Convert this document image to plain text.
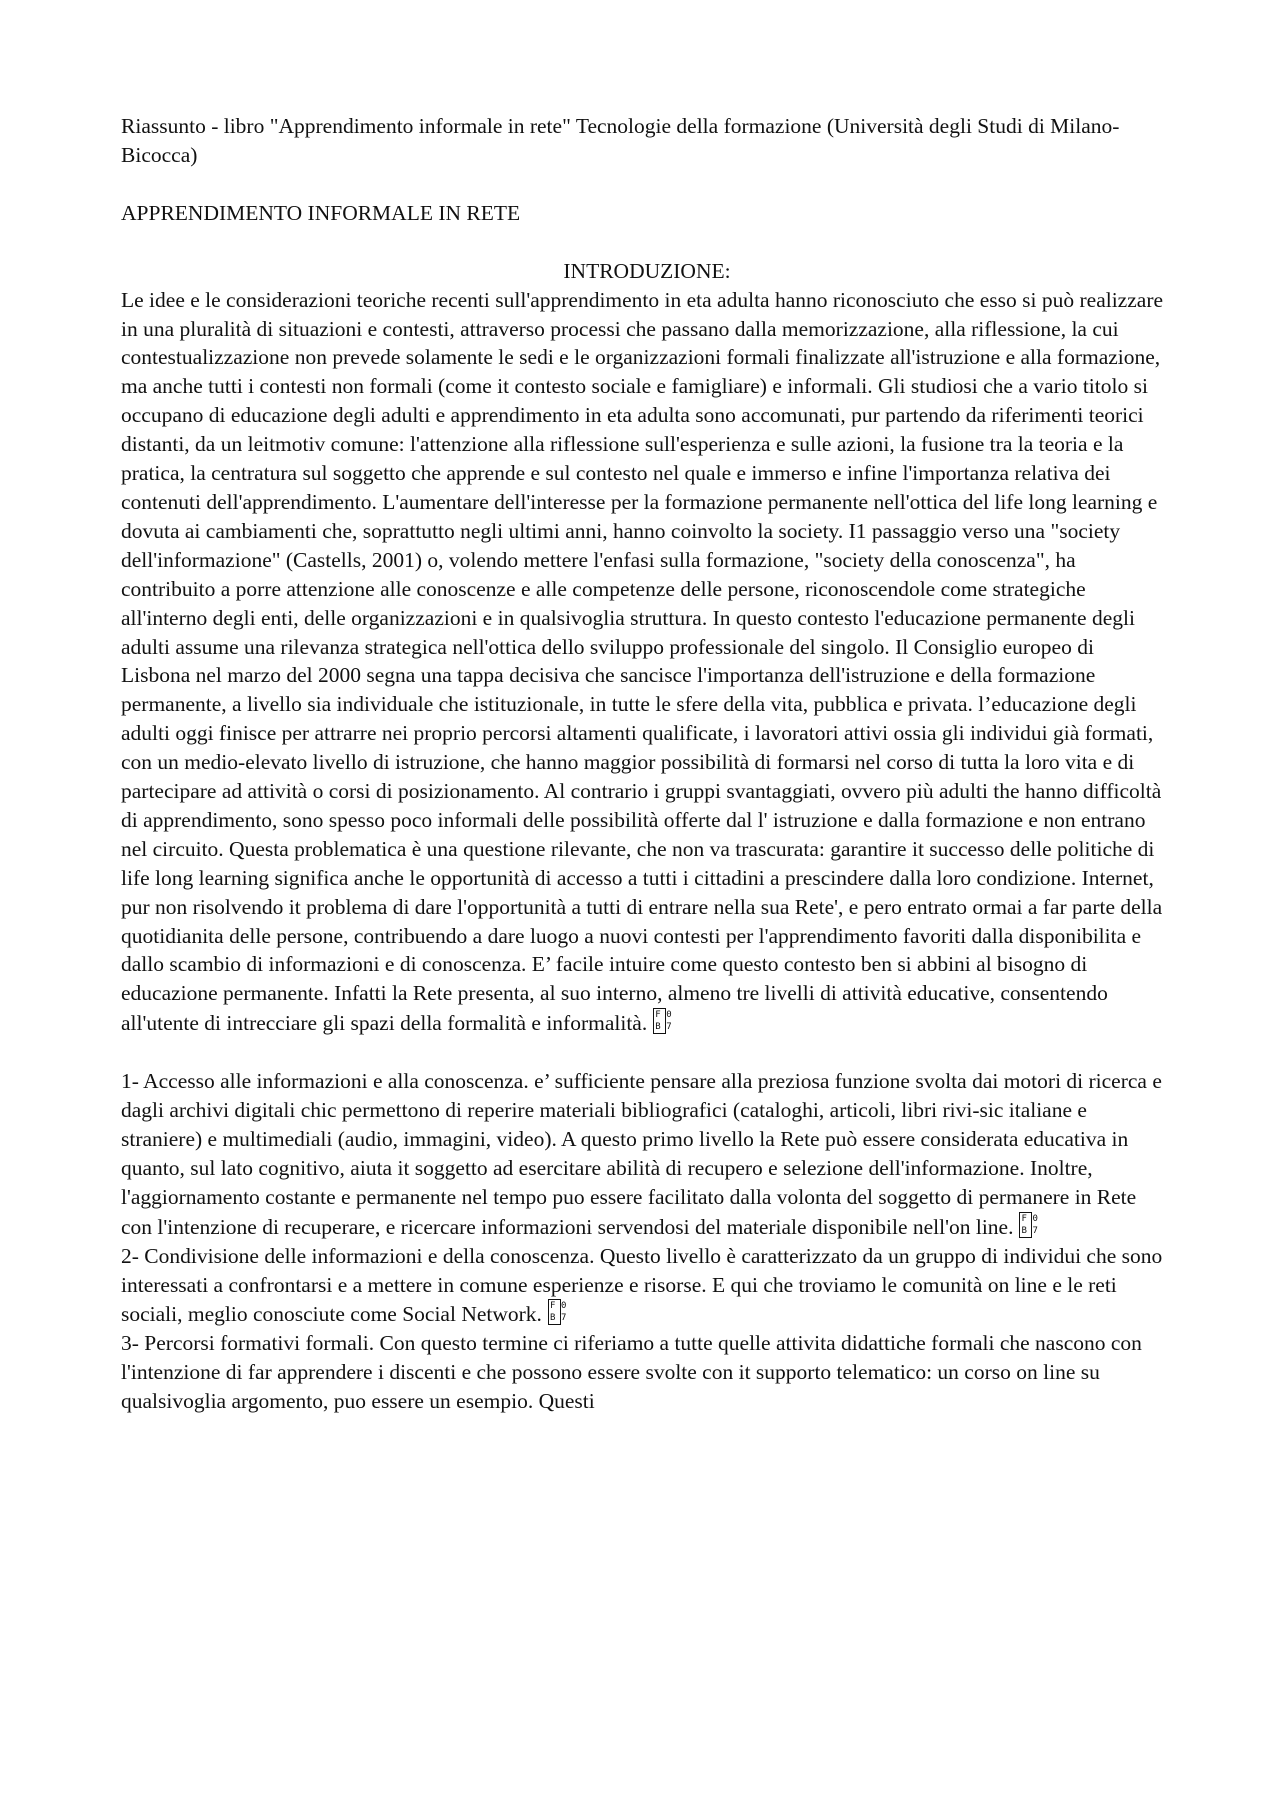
Riassunto - libro "Apprendimento informale in rete" Tecnologie della formazione (Università degli Studi di Milano-Bicocca)

APPRENDIMENTO INFORMALE IN RETE

INTRODUZIONE:

Le idee e le considerazioni teoriche recenti sull'apprendimento in eta adulta hanno riconosciuto che esso si può realizzare in una pluralità di situazioni e contesti, attraverso processi che passano dalla memorizzazione, alla riflessione, la cui contestualizzazione non prevede solamente le sedi e le organizzazioni formali finalizzate all'istruzione e alla formazione, ma anche tutti i contesti non formali (come it contesto sociale e famigliare) e informali. Gli studiosi che a vario titolo si occupano di educazione degli adulti e apprendimento in eta adulta sono accomunati, pur partendo da riferimenti teorici distanti, da un leitmotiv comune: l'attenzione alla riflessione sull'esperienza e sulle azioni, la fusione tra la teoria e la pratica, la centratura sul soggetto che apprende e sul contesto nel quale e immerso e infine l'importanza relativa dei contenuti dell'apprendimento. L'aumentare dell'interesse per la formazione permanente nell'ottica del life long learning e dovuta ai cambiamenti che, soprattutto negli ultimi anni, hanno coinvolto la society. I1 passaggio verso una "society dell'informazione" (Castells, 2001) o, volendo mettere l'enfasi sulla formazione, "society della conoscenza", ha contribuito a porre attenzione alle conoscenze e alle competenze delle persone, riconoscendole come strategiche all'interno degli enti, delle organizzazioni e in qualsivoglia struttura. In questo contesto l'educazione permanente degli adulti assume una rilevanza strategica nell'ottica dello sviluppo professionale del singolo. Il Consiglio europeo di Lisbona nel marzo del 2000 segna una tappa decisiva che sancisce l'importanza dell'istruzione e della formazione permanente, a livello sia individuale che istituzionale, in tutte le sfere della vita, pubblica e privata. l’educazione degli adulti oggi finisce per attrarre nei proprio percorsi altamenti qualificate, i lavoratori attivi ossia gli individui già formati, con un medio-elevato livello di istruzione, che hanno maggior possibilità di formarsi nel corso di tutta la loro vita e di partecipare ad attività o corsi di posizionamento. Al contrario i gruppi svantaggiati, ovvero più adulti the hanno difficoltà di apprendimento, sono spesso poco informali delle possibilità offerte dal l' istruzione e dalla formazione e non entrano nel circuito. Questa problematica è una questione rilevante, che non va trascurata: garantire it successo delle politiche di life long learning significa anche le opportunità di accesso a tutti i cittadini a prescindere dalla loro condizione. Internet, pur non risolvendo it problema di dare l'opportunità a tutti di entrare nella sua Rete', e pero entrato ormai a far parte della quotidianita delle persone, contribuendo a dare luogo a nuovi contesti per l'apprendimento favoriti dalla disponibilita e dallo scambio di informazioni e di conoscenza. E’ facile intuire come questo contesto ben si abbini al bisogno di educazione permanente. Infatti la Rete presenta, al suo interno, almeno tre livelli di attività educative, consentendo all'utente di intrecciare gli spazi della formalità e informalità. F 0
B 7

1- Accesso alle informazioni e alla conoscenza. e’ sufficiente pensare alla preziosa funzione svolta dai motori di ricerca e dagli archivi digitali chic permettono di reperire materiali bibliografici (cataloghi, articoli, libri rivi-sic italiane e straniere) e multimediali (audio, immagini, video). A questo primo livello la Rete può essere considerata educativa in quanto, sul lato cognitivo, aiuta it soggetto ad esercitare abilità di recupero e selezione dell'informazione. Inoltre, l'aggiornamento costante e permanente nel tempo puo essere facilitato dalla volonta del soggetto di permanere in Rete con l'intenzione di recuperare, e ricercare informazioni servendosi del materiale disponibile nell'on line. F 0
B 7

2- Condivisione delle informazioni e della conoscenza. Questo livello è caratterizzato da un gruppo di individui che sono interessati a confrontarsi e a mettere in comune esperienze e risorse. E qui che troviamo le comunità on line e le reti sociali, meglio conosciute come Social Network. F 0
B 7

3- Percorsi formativi formali. Con questo termine ci riferiamo a tutte quelle attivita didattiche formali che nascono con l'intenzione di far apprendere i discenti e che possono essere svolte con it supporto telematico: un corso on line su qualsivoglia argomento, puo essere un esempio. Questi
